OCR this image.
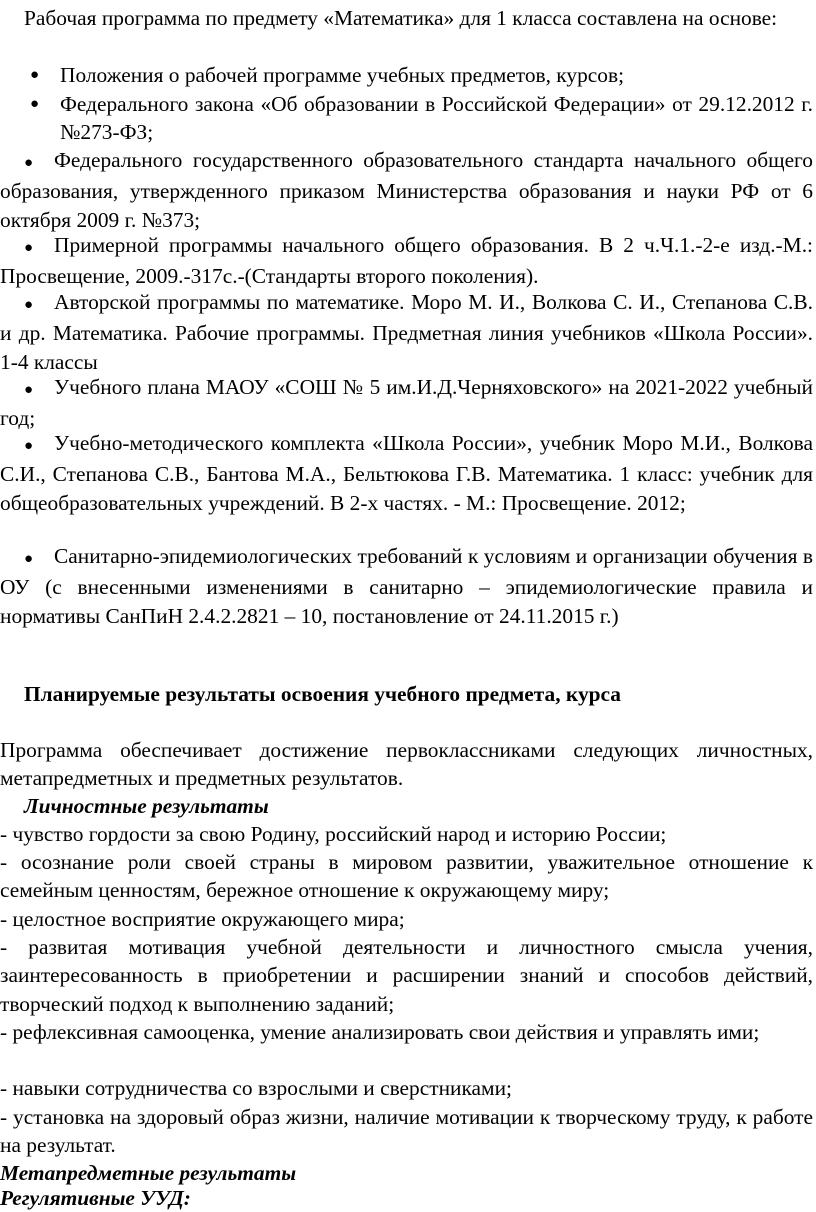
Рабочая программа по предмету «Математика» для 1 класса составлена на основе:

● Положения о рабочей программе учебных предметов, курсов;

● Федерального закона «Об образовании в Российской Федерации» от 29.12.2012 г. №273-ФЗ;

● Федерального государственного образовательного стандарта начального общего образования, утвержденного приказом Министерства образования и науки РФ от 6 октября 2009 г. №373;

● Примерной программы начального общего образования. В 2 ч.Ч.1.-2-е изд.-М.: Просвещение, 2009.-317с.-(Стандарты второго поколения).

● Авторской программы по математике. Моро М. И., Волкова С. И., Степанова С.В. и др. Математика. Рабочие программы. Предметная линия учебников «Школа России». 1-4 классы

● Учебного плана МАОУ «СОШ № 5 им.И.Д.Черняховского» на 2021-2022 учебный год;

● Учебно-методического комплекта «Школа России», учебник Моро М.И., Волкова С.И., Степанова С.В., Бантова М.А., Бельтюкова Г.В. Математика. 1 класс: учебник для общеобразовательных учреждений. В 2-х частях. - М.: Просвещение. 2012;

● Санитарно-эпидемиологических требований к условиям и организации обучения в ОУ (с внесенными изменениями в санитарно – эпидемиологические правила и нормативы СанПиН 2.4.2.2821 – 10, постановление от 24.11.2015 г.)

Планируемые результаты освоения учебного предмета, курса

Программа обеспечивает достижение первоклассниками следующих личностных, метапредметных и предметных результатов.

Личностные результаты

- чувство гордости за свою Родину, российский народ и историю России;

- осознание роли своей страны в мировом развитии, уважительное отношение к семейным ценностям, бережное отношение к окружающему миру;

- целостное восприятие окружающего мира;

- развитая мотивация учебной деятельности и личностного смысла учения, заинтересованность в приобретении и расширении знаний и способов действий, творческий подход к выполнению заданий;

- рефлексивная самооценка, умение анализировать свои действия и управлять ими;

- навыки сотрудничества со взрослыми и сверстниками;

- установка на здоровый образ жизни, наличие мотивации к творческому труду, к работе на результат.

Метапредметные результаты

Регулятивные УУД:
